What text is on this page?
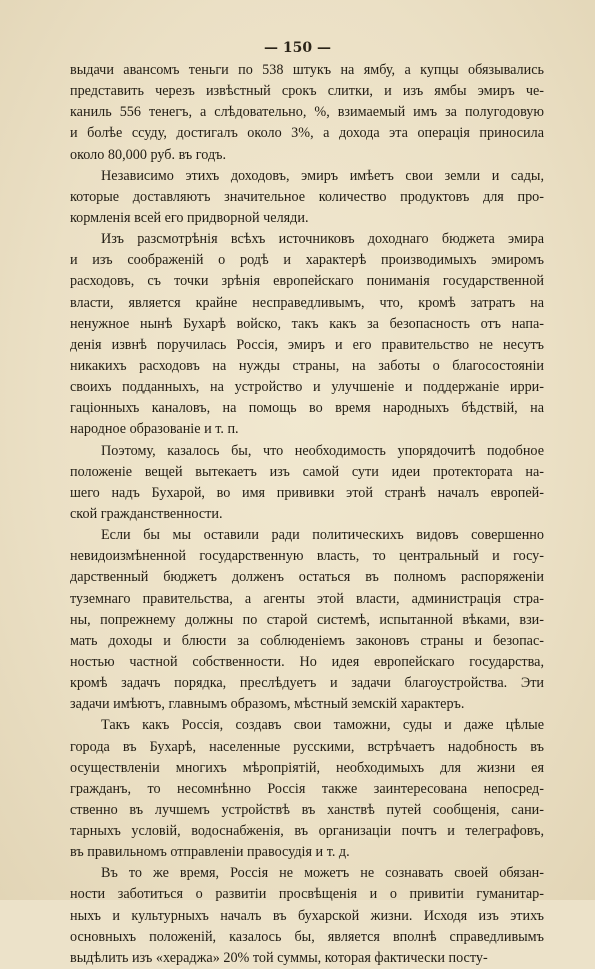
— 150 —
выдачи авансомъ теньги по 538 штукъ на ямбу, а купцы обязывались
представить черезъ извѣстный срокъ слитки, и изъ ямбы эмиръ че-
каниль 556 тенегъ, а слѣдовательно, %, взимаемый имъ за полугодовую
и болѣе ссуду, достигалъ около 3%, а дохода эта операція приносила
около 80,000 руб. въ годъ.
Независимо этихъ доходовъ, эмиръ имѣетъ свои земли и сады,
которые доставляютъ значительное количество продуктовъ для про-
кормленія всей его придворной челяди.
Изъ разсмотрѣнія всѣхъ источниковъ доходнаго бюджета эмира
и изъ соображеній о родѣ и характерѣ производимыхъ эмиромъ
расходовъ, съ точки зрѣнія европейскаго пониманія государственной
власти, является крайне несправедливымъ, что, кромѣ затратъ на
ненужное нынѣ Бухарѣ войско, такъ какъ за безопасность отъ напа-
денія извнѣ поручилась Россія, эмиръ и его правительство не несутъ
никакихъ расходовъ на нужды страны, на заботы о благосостояніи
своихъ подданныхъ, на устройство и улучшеніе и поддержаніе ирри-
гаціонныхъ каналовъ, на помощь во время народныхъ бѣдствій, на
народное образованіе и т. п.
Поэтому, казалось бы, что необходимость упорядочитѣ подобное
положеніе вещей вытекаетъ изъ самой сути идеи протектората на-
шего надъ Бухарой, во имя прививки этой странѣ началъ европей-
ской гражданственности.
Если бы мы оставили ради политическихъ видовъ совершенно
невидоизмѣненной государственную власть, то центральный и госу-
дарственный бюджетъ долженъ остаться въ полномъ распоряженіи
туземнаго правительства, а агенты этой власти, администрація стра-
ны, попрежнему должны по старой системѣ, испытанной вѣками, взи-
мать доходы и блюсти за соблюденіемъ законовъ страны и безопас-
ностью частной собственности. Но идея европейскаго государства,
кромѣ задачъ порядка, преслѣдуетъ и задачи благоустройства. Эти
задачи имѣютъ, главнымъ образомъ, мѣстный земскій характеръ.
Такъ какъ Россія, создавъ свои таможни, суды и даже цѣлые
города въ Бухарѣ, населенные русскими, встрѣчаетъ надобность въ
осуществленіи многихъ мѣропріятій, необходимыхъ для жизни ея
гражданъ, то несомнѣнно Россія также заинтересована непосред-
ственно въ лучшемъ устройствѣ въ ханствѣ путей сообщенія, сани-
тарныхъ условій, водоснабженія, въ организаціи почтъ и телеграфовъ,
въ правильномъ отправленіи правосудія и т. д.
Въ то же время, Россія не можетъ не сознавать своей обязан-
ности заботиться о развитіи просвѣщенія и о привитіи гуманитар-
ныхъ и культурныхъ началъ въ бухарской жизни. Исходя изъ этихъ
основныхъ положеній, казалось бы, является вполнѣ справедливымъ
выдѣлить изъ «хераджа» 20% той суммы, которая фактически посту-
